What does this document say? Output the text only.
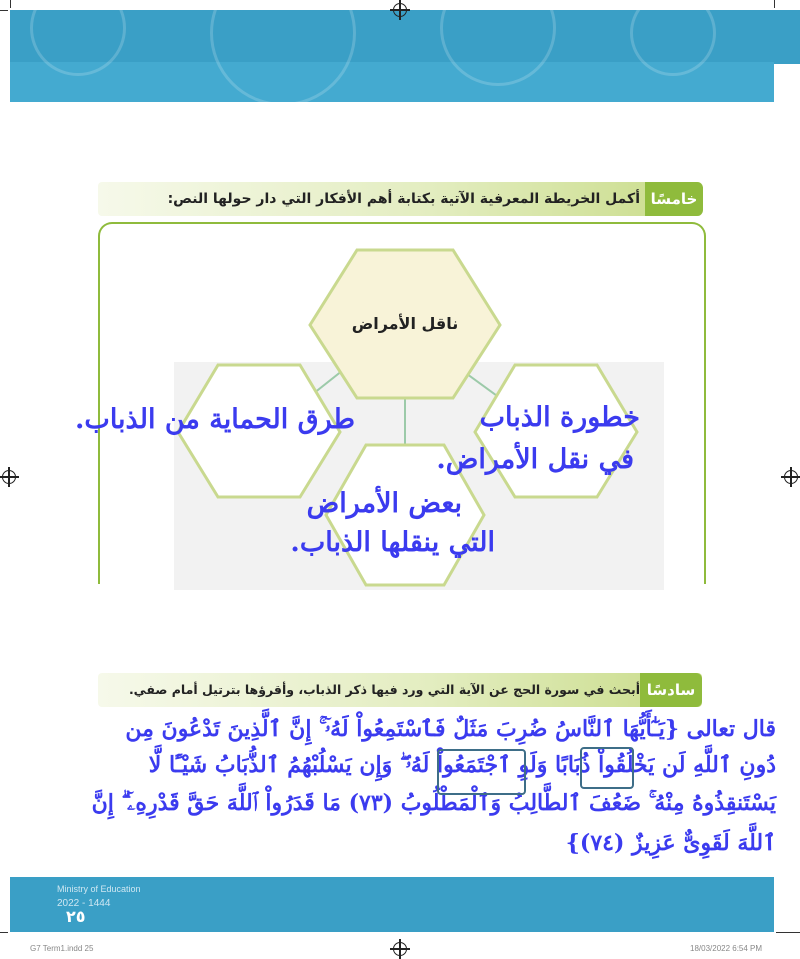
خامسًا
أكمل الخريطة المعرفية الآتية بكتابة أهم الأفكار التي دار حولها النص:
ناقل الأمراض
طرق الحماية من الذباب.	خطورة الذباب
في نقل الأمراض.
بعض الأمراض
التي ينقلها الذباب.
سادسًا
أبحث في سورة الحج عن الآية التي ورد فيها ذكر الذباب، وأقرؤها بترتيل أمام صفي.
قال تعالى {يَـٰٓأَيُّهَا ٱلنَّاسُ ضُرِبَ مَثَلٌ فَٱسْتَمِعُواْ لَهُۥٓ ۚ إِنَّ ٱلَّذِينَ تَدْعُونَ مِن
دُونِ ٱللَّهِ لَن يَخْلُقُواْ ذُبَابًا وَلَوِ ٱجْتَمَعُواْ لَهُۥ ۖ وَإِن يَسْلُبْهُمُ ٱلذُّبَابُ شَيْـًٔا لَّا
يَسْتَنقِذُوهُ مِنْهُ ۚ ضَعُفَ ٱلطَّالِبُ وَٱلْمَطْلُوبُ (٧٣) مَا قَدَرُواْ ٱللَّهَ حَقَّ قَدْرِهِۦٓ ۗ إِنَّ
ٱللَّهَ لَقَوِىٌّ عَزِيزٌ (٧٤)}
Ministry of Education
2022 - 1444
٢٥
G7 Term1.indd 25	18/03/2022 6:54 PM
